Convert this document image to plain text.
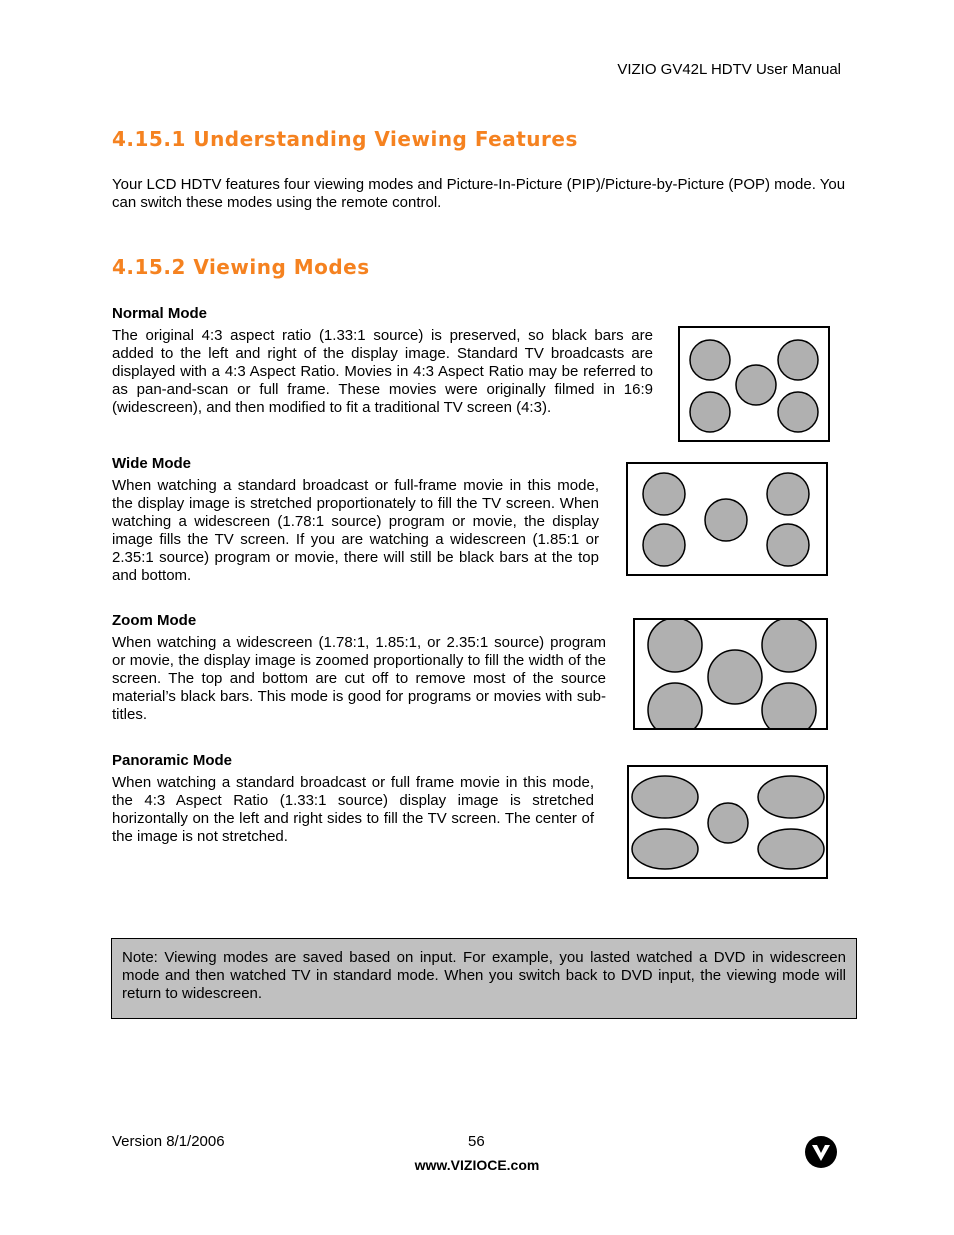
VIZIO GV42L HDTV User Manual
4.15.1 Understanding Viewing Features
Your LCD HDTV features four viewing modes and Picture-In-Picture (PIP)/Picture-by-Picture (POP) mode. You can switch these modes using the remote control.
4.15.2 Viewing Modes
Normal Mode
The original 4:3 aspect ratio (1.33:1 source) is preserved, so black bars are added to the left and right of the display image. Standard TV broadcasts are displayed with a 4:3 Aspect Ratio. Movies in 4:3 Aspect Ratio may be referred to as pan-and-scan or full frame. These movies were originally filmed in 16:9 (widescreen), and then modified to fit a traditional TV screen (4:3).
Wide Mode
When watching a standard broadcast or full-frame movie in this mode, the display image is stretched proportionately to fill the TV screen. When watching a widescreen (1.78:1 source) program or movie, the display image fills the TV screen. If you are watching a widescreen (1.85:1 or 2.35:1 source) program or movie, there will still be black bars at the top and bottom.
Zoom Mode
When watching a widescreen (1.78:1, 1.85:1, or 2.35:1 source) program or movie, the display image is zoomed proportionally to fill the width of the screen. The top and bottom are cut off to remove most of the source material’s black bars. This mode is good for programs or movies with sub-titles.
Panoramic Mode
When watching a standard broadcast or full frame movie in this mode, the 4:3 Aspect Ratio (1.33:1 source) display image is stretched horizontally on the left and right sides to fill the TV screen. The center of the image is not stretched.
Note: Viewing modes are saved based on input. For example, you lasted watched a DVD in widescreen mode and then watched TV in standard mode. When you switch back to DVD input, the viewing mode will return to widescreen.
Version 8/1/2006	56
www.VIZIOCE.com
